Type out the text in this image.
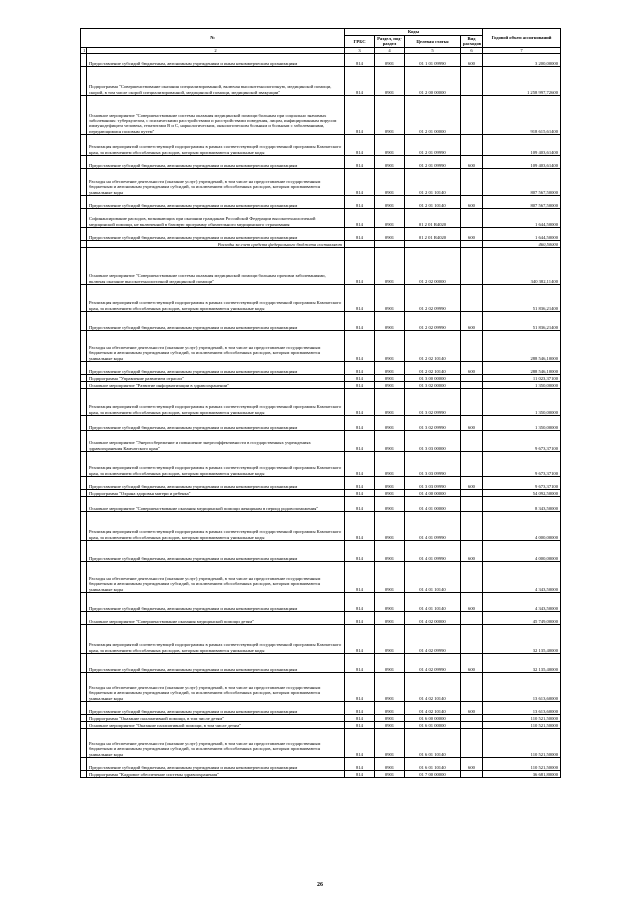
№		Коды				Годовой объем ассигнований
		ГРБС	Раздел, под-раздел	Целевая статья	Вид расходов	
1	2	3	4	5	6	7
	Предоставление субсидий бюджетным, автономным учреждениям и иным некоммерческим организациям	814	0901	01 1 01 09990	600	3 200,00000
	Подпрограмма "Совершенствование оказания специализированной, включая высокотехнологичную, медицинской помощи, скорой, в том числе скорой специализированной, медицинской помощи, медицинской эвакуации"	814	0901	01 2 00 00000		1 258 997,72600
	Основное мероприятие "Совершенствование системы оказания медицинской помощи больным при социально значимых заболеваниях: туберкулезом, с психическими расстройствами и расстройствами поведения, лицам, инфицированным вирусом иммунодефицита человека, гепатитами В и С, наркологическим, онкологическим больным и больным с заболеваниями, передающимися половым путем"	814	0901	01 2 01 00000		918 615,61400
	Реализация мероприятий соответствующей подпрограммы в рамках соответствующей государственной программы Камчатского края, за исключением обособленных расходов, которым присваиваются уникальные коды	814	0901	01 2 01 09990		109 403,61400
	Предоставление субсидий бюджетным, автономным учреждениям и иным некоммерческим организациям	814	0901	01 2 01 09990	600	109 403,61400
	Расходы на обеспечение деятельности (оказание услуг) учреждений, в том числе на предоставление государственным бюджетным и автономным учреждениям субсидий, за исключением обособленных расходов, которым присваиваются уникальные коды	814	0901	01 2 01 10140		807 567,50000
	Предоставление субсидий бюджетным, автономным учреждениям и иным некоммерческим организациям	814	0901	01 2 01 10140	600	807 567,50000
	Софинансирование расходов, возникающих при оказании гражданам Российской Федерации высокотехнологичной медицинской помощи, не включенной в базовую программу обязательного медицинского страхования	814	0901	01 2 01 R4020		1 644,50000
	Предоставление субсидий бюджетным, автономным учреждениям и иным некоммерческим организациям	814	0901	01 2 01 R4020	600	1 644,50000
	Расходы за счет средств федерального бюджета составляют					460,50000
	Основное мероприятие "Совершенствование системы оказания медицинской помощи больным прочими заболеваниями, включая оказание высокотехнологичной медицинской помощи"	814	0901	01 2 02 00000		340 382,11400
	Реализация мероприятий соответствующей подпрограммы в рамках соответствующей государственной программы Камчатского края, за исключением обособленных расходов, которым присваиваются уникальные коды	814	0901	01 2 02 09990		51 836,21400
	Предоставление субсидий бюджетным, автономным учреждениям и иным некоммерческим организациям	814	0901	01 2 02 09990	600	51 836,21400
	Расходы на обеспечение деятельности (оказание услуг) учреждений, в том числе на предоставление государственным бюджетным и автономным учреждениям субсидий, за исключением обособленных расходов, которым присваиваются уникальные коды	814	0901	01 2 02 10140		288 546,10000
	Предоставление субсидий бюджетным, автономным учреждениям и иным некоммерческим организациям	814	0901	01 2 02 10140	600	288 546,10000
	Подпрограмма "Управление развитием отрасли"	814	0901	01 3 00 00000		11 023,37100
	Основное мероприятие "Развитие информатизации в здравоохранении"	814	0901	01 3 02 00000		1 350,00000
	Реализация мероприятий соответствующей подпрограммы в рамках соответствующей государственной программы Камчатского края, за исключением обособленных расходов, которым присваиваются уникальные коды	814	0901	01 3 02 09990		1 350,00000
	Предоставление субсидий бюджетным, автономным учреждениям и иным некоммерческим организациям	814	0901	01 3 02 09990	600	1 350,00000
	Основное мероприятие "Энергосбережение и повышение энергоэффективности в государственных учреждениях здравоохранения Камчатского края"	814	0901	01 3 03 00000		9 673,37100
	Реализация мероприятий соответствующей подпрограммы в рамках соответствующей государственной программы Камчатского края, за исключением обособленных расходов, которым присваиваются уникальные коды	814	0901	01 3 03 09990		9 673,37100
	Предоставление субсидий бюджетным, автономным учреждениям и иным некоммерческим организациям	814	0901	01 3 03 09990	600	9 673,37100
	Подпрограмма "Охрана здоровья матери и ребенка"	814	0901	01 4 00 00000		54 092,50000
	Основное мероприятие "Совершенствование оказания медицинской помощи женщинам в период родовспоможения"	814	0901	01 4 01 00000		8 343,50000
	Реализация мероприятий соответствующей подпрограммы в рамках соответствующей государственной программы Камчатского края, за исключением обособленных расходов, которым присваиваются уникальные коды	814	0901	01 4 01 09990		4 000,00000
	Предоставление субсидий бюджетным, автономным учреждениям и иным некоммерческим организациям	814	0901	01 4 01 09990	600	4 000,00000
	Расходы на обеспечение деятельности (оказание услуг) учреждений, в том числе на предоставление государственным бюджетным и автономным учреждениям субсидий, за исключением обособленных расходов, которым присваиваются уникальные коды	814	0901	01 4 01 10140		4 343,50000
	Предоставление субсидий бюджетным, автономным учреждениям и иным некоммерческим организациям	814	0901	01 4 01 10140	600	4 343,50000
	Основное мероприятие "Совершенствование оказания медицинской помощи детям"	814	0901	01 4 02 00000		45 749,00000
	Реализация мероприятий соответствующей подпрограммы в рамках соответствующей государственной программы Камчатского края, за исключением обособленных расходов, которым присваиваются уникальные коды	814	0901	01 4 02 09990		32 135,40000
	Предоставление субсидий бюджетным, автономным учреждениям и иным некоммерческим организациям	814	0901	01 4 02 09990	600	32 135,40000
	Расходы на обеспечение деятельности (оказание услуг) учреждений, в том числе на предоставление государственным бюджетным и автономным учреждениям субсидий, за исключением обособленных расходов, которым присваиваются уникальные коды	814	0901	01 4 02 10140		13 613,60000
	Предоставление субсидий бюджетным, автономным учреждениям и иным некоммерческим организациям	814	0901	01 4 02 10140	600	13 613,60000
	Подпрограмма "Оказание паллиативной помощи, в том числе детям"	814	0901	01 6 00 00000		110 521,50000
	Основное мероприятие "Оказание паллиативной помощи, в том числе детям"	814	0901	01 6 01 00000		110 521,50000
	Расходы на обеспечение деятельности (оказание услуг) учреждений, в том числе на предоставление государственным бюджетным и автономным учреждениям субсидий, за исключением обособленных расходов, которым присваиваются уникальные коды	814	0901	01 6 01 10140		110 521,50000
	Предоставление субсидий бюджетным, автономным учреждениям и иным некоммерческим организациям	814	0901	01 6 01 10140	600	110 521,50000
	Подпрограмма "Кадровое обеспечение системы здравоохранения"	814	0901	01 7 00 00000		36 681,80000
26
